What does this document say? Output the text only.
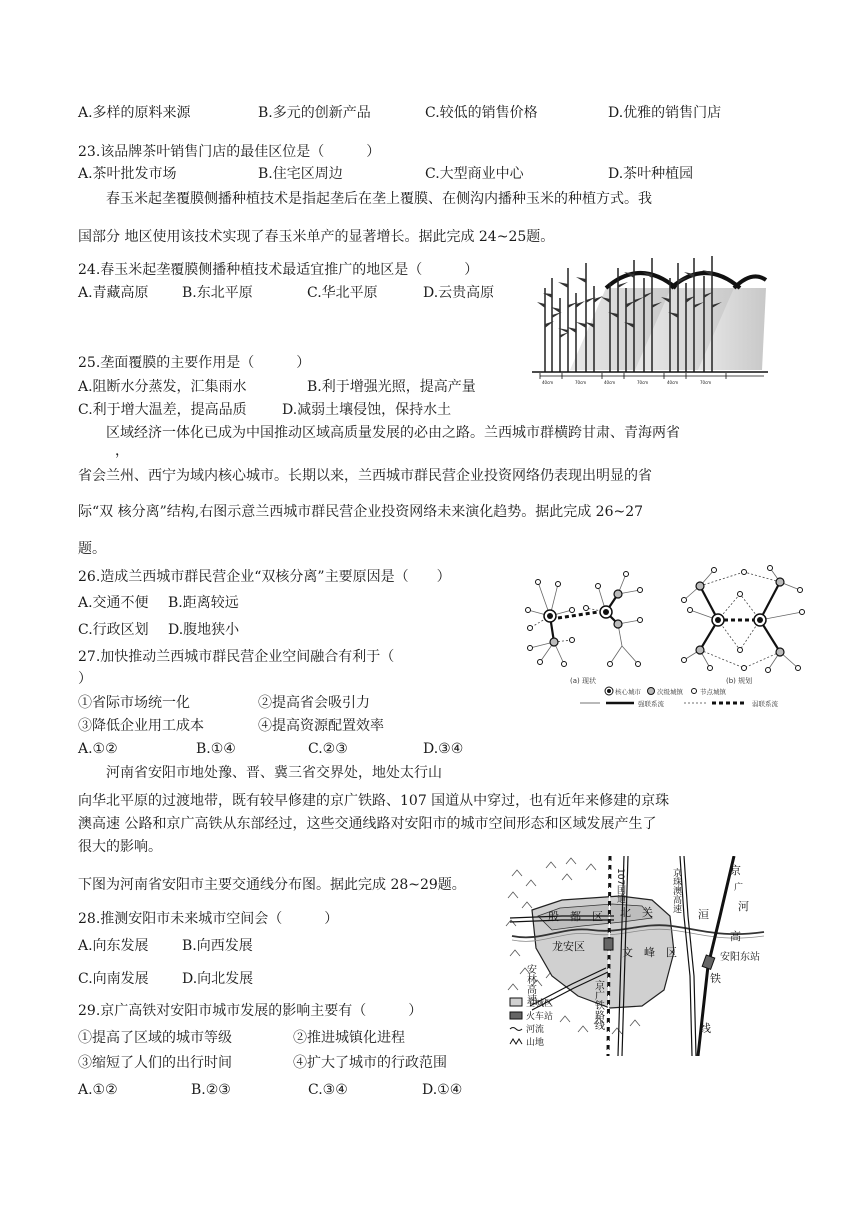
A.多样的原料来源	B.多元的创新产品	C.较低的销售价格	D.优雅的销售门店
23.该品牌茶叶销售门店的最佳区位是（　　　）
A.茶叶批发市场	B.住宅区周边	C.大型商业中心	D.茶叶种植园
春玉米起垄覆膜侧播种植技术是指起垄后在垄上覆膜、在侧沟内播种玉米的种植方式。我
国部分 地区使用该技术实现了春玉米单产的显著增长。据此完成 24~25题。
24.春玉米起垄覆膜侧播种植技术最适宜推广的地区是（　　　）
A.青藏高原 B.东北平原	C.华北平原	D.云贵高原
25.垄面覆膜的主要作用是（　　　）
A.阻断水分蒸发，汇集雨水	B.利于增强光照，提高产量
C.利于增大温差，提高品质	D.减弱土壤侵蚀，保持水土
40cm	70cm	40cm	70cm	40cm	70cm
区域经济一体化已成为中国推动区域高质量发展的必由之路。兰西城市群横跨甘肃、青海两省
，
省会兰州、西宁为域内核心城市。长期以来，兰西城市群民营企业投资网络仍表现出明显的省
际“双 核分离”结构,右图示意兰西城市群民营企业投资网络未来演化趋势。据此完成 26~27
题。
26.造成兰西城市群民营企业“双核分离”主要原因是（　　）
A.交通不便 B.距离较远
C.行政区划 D.腹地狭小
27.加快推动兰西城市群民营企业空间融合有利于（
）
①省际市场统一化	②提高省会吸引力
③降低企业用工成本	④提高资源配置效率
A.①②	B.①④	C.②③	D.③④
(a) 现状	(b) 规划
核心城市 次级城镇	节点城镇
强联系流	弱联系流
河南省安阳市地处豫、晋、冀三省交界处，地处太行山
向华北平原的过渡地带，既有较早修建的京广铁路、107 国道从中穿过，也有近年来修建的京珠
澳高速 公路和京广高铁从东部经过，这些交通线路对安阳市的城市空间形态和区域发展产生了
很大的影响。
下图为河南省安阳市主要交通线分布图。据此完成 28~29题。
28.推测安阳市未来城市空间会（　　　）
A.向东发展 B.向西发展
C.向南发展 D.向北发展
29.京广高铁对安阳市城市发展的影响主要有（　　　）
①提高了区域的城市等级	②推进城镇化进程
③缩短了人们的出行时间	④扩大了城市的行政范围
A.①②	B.②③	C.③④	D.①④
107国道	京珠澳高速	京
广
河
高
铁
线
洹
殷　都　区 北　关
龙安区	文　峰　区
安林高速	京广铁路线
安阳东站
主城区
火车站
河流
山地
